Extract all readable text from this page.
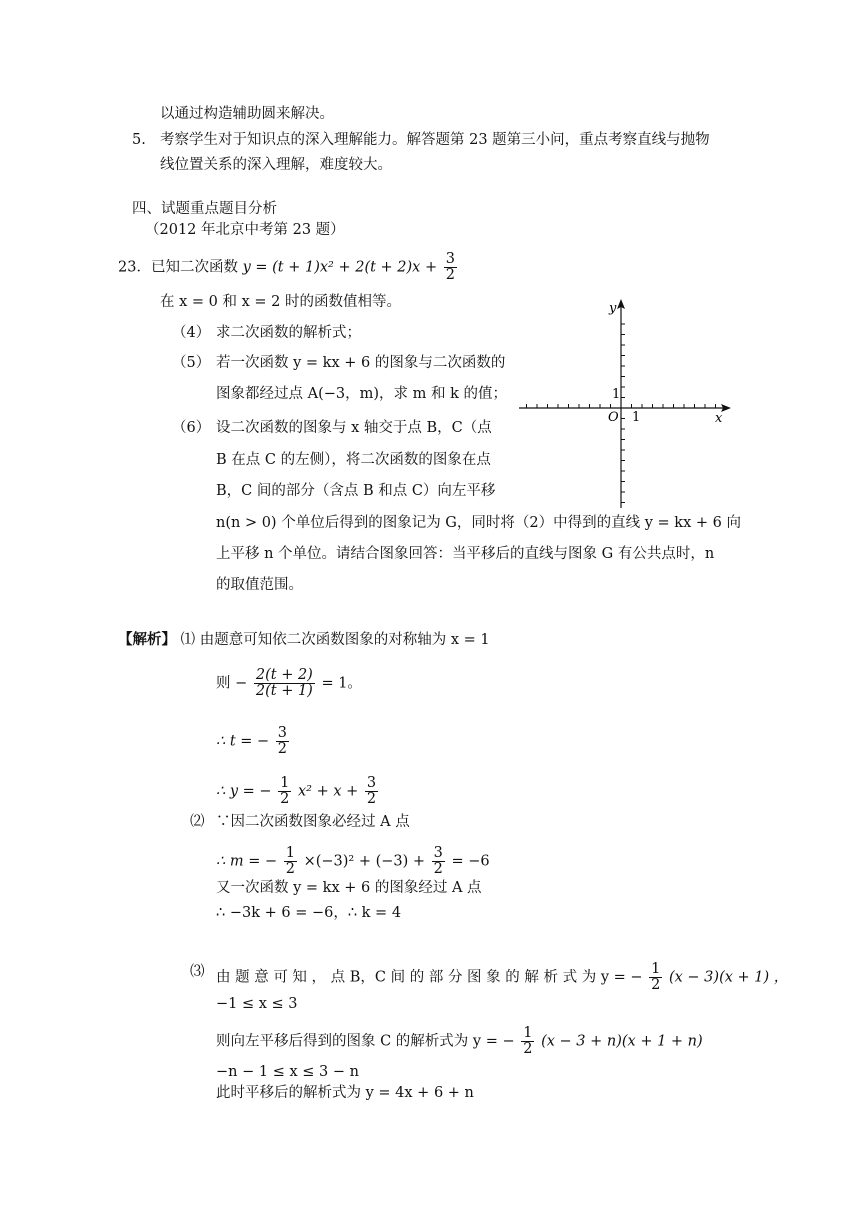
以通过构造辅助圆来解决。
5. 考察学生对于知识点的深入理解能力。解答题第 23 题第三小问，重点考察直线与抛物
线位置关系的深入理解，难度较大。
四、试题重点题目分析
（2012 年北京中考第 23 题）
23．已知二次函数 $y = (t + 1)x^2 + 2(t + 2)x + \frac{3}{2}$
在 x = 0 和 x = 2 时的函数值相等。
（4） 求二次函数的解析式；
（5） 若一次函数 y = kx + 6 的图象与二次函数的
图象都经过点 A(−3，m)，求 m 和 k 的值；
（6） 设二次函数的图象与 x 轴交于点 B，C（点
B 在点 C 的左侧），将二次函数的图象在点
B，C 间的部分（含点 B 和点 C）向左平移
n(n > 0) 个单位后得到的图象记为 G，同时将（2）中得到的直线 y = kx + 6 向
上平移 n 个单位。请结合图象回答：当平移后的直线与图象 G 有公共点时，n
的取值范围。
y
x
O 1
1
【解析】 ⑴ 由题意可知依二次函数图象的对称轴为 x = 1
则 − $\frac{2(t + 2)}{2(t + 1)} = 1$。
∴ t = − $\frac{3}{2}$
∴ y = − $\frac{1}{2} x^2 + x + \frac{3}{2}$
⑵ ∵因二次函数图象必经过 A 点
∴ m = − $\frac{1}{2} \times(-3)^2 + (-3) + \frac{3}{2} = -6$
又一次函数 y = kx + 6 的图象经过 A 点
∴ −3k + 6 = −6，∴ k = 4
⑶ 由 题 意 可 知 ， 点 B，C 间 的 部 分 图 象 的 解 析 式 为 y = − $\frac{1}{2} (x - 3)(x + 1)$ ，
−1 ≤ x ≤ 3
则向左平移后得到的图象 C 的解析式为 y = − $\frac{1}{2} (x - 3 + n)(x + 1 + n)$
−n − 1 ≤ x ≤ 3 − n
此时平移后的解析式为 y = 4x + 6 + n
